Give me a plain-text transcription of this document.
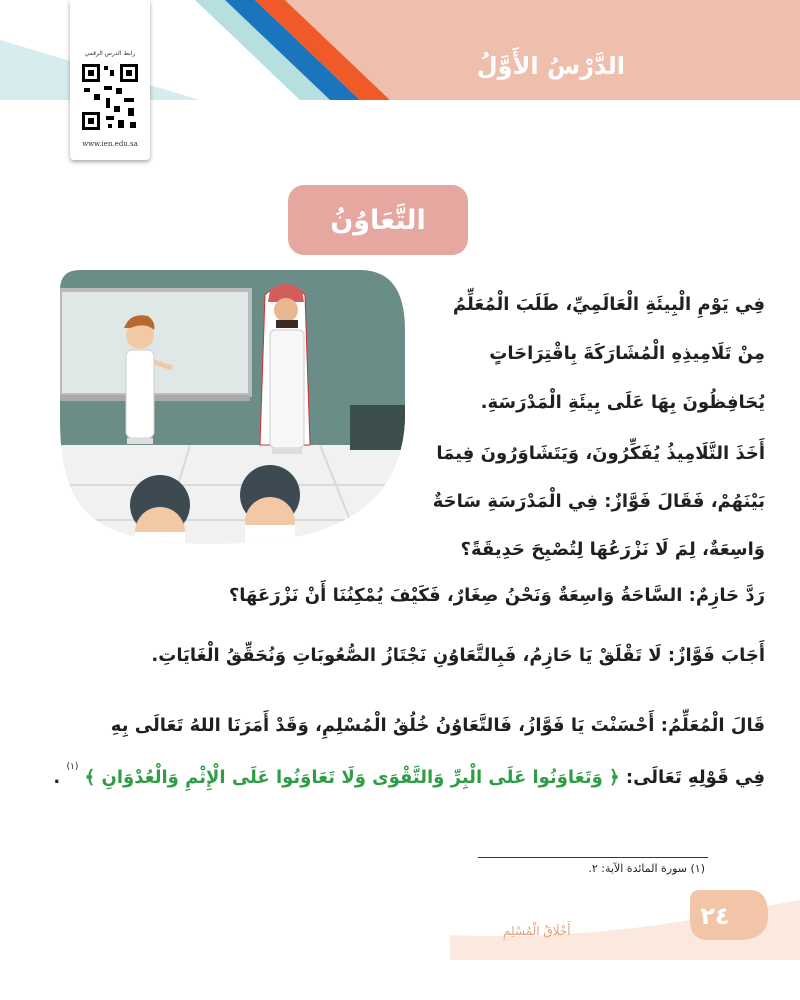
الدَّرْسُ الأَوَّلُ
رابط الدرس الرقمي
www.ien.edu.sa
التَّعَاوُنُ
فِي يَوْمِ الْبِيئَةِ الْعَالَمِيِّ، طَلَبَ الْمُعَلِّمُ
مِنْ تَلَامِيذِهِ الْمُشَارَكَةَ بِاقْتِرَاحَاتٍ
يُحَافِظُونَ بِهَا عَلَى بِيئَةِ الْمَدْرَسَةِ.
أَخَذَ التَّلَامِيذُ يُفَكِّرُونَ، وَيَتَشَاوَرُونَ فِيمَا
بَيْنَهُمْ، فَقَالَ فَوَّازٌ: فِي الْمَدْرَسَةِ سَاحَةٌ
وَاسِعَةٌ، لِمَ لَا نَزْرَعُهَا لِتُصْبِحَ حَدِيقَةً؟
رَدَّ حَازِمٌ: السَّاحَةُ وَاسِعَةٌ وَنَحْنُ صِغَارٌ، فَكَيْفَ يُمْكِنُنَا أَنْ نَزْرَعَهَا؟
أَجَابَ فَوَّازٌ: لَا تَقْلَقْ يَا حَازِمُ، فَبِالتَّعَاوُنِ نَجْتَازُ الصُّعُوبَاتِ وَنُحَقِّقُ الْغَايَاتِ.
قَالَ الْمُعَلِّمُ: أَحْسَنْتَ يَا فَوَّازُ، فَالتَّعَاوُنُ خُلُقُ الْمُسْلِمِ، وَقَدْ أَمَرَنَا اللهُ تَعَالَى بِهِ
فِي قَوْلِهِ تَعَالَى: ﴿ وَتَعَاوَنُوا عَلَى الْبِرِّ وَالتَّقْوَى وَلَا تَعَاوَنُوا عَلَى الْإِثْمِ وَالْعُدْوَانِ ﴾ $^{(١)}$ .
(١) سورة المائدة الآية: ٢.
٢٤
أَخْلَاقُ الْمُسْلِمِ
